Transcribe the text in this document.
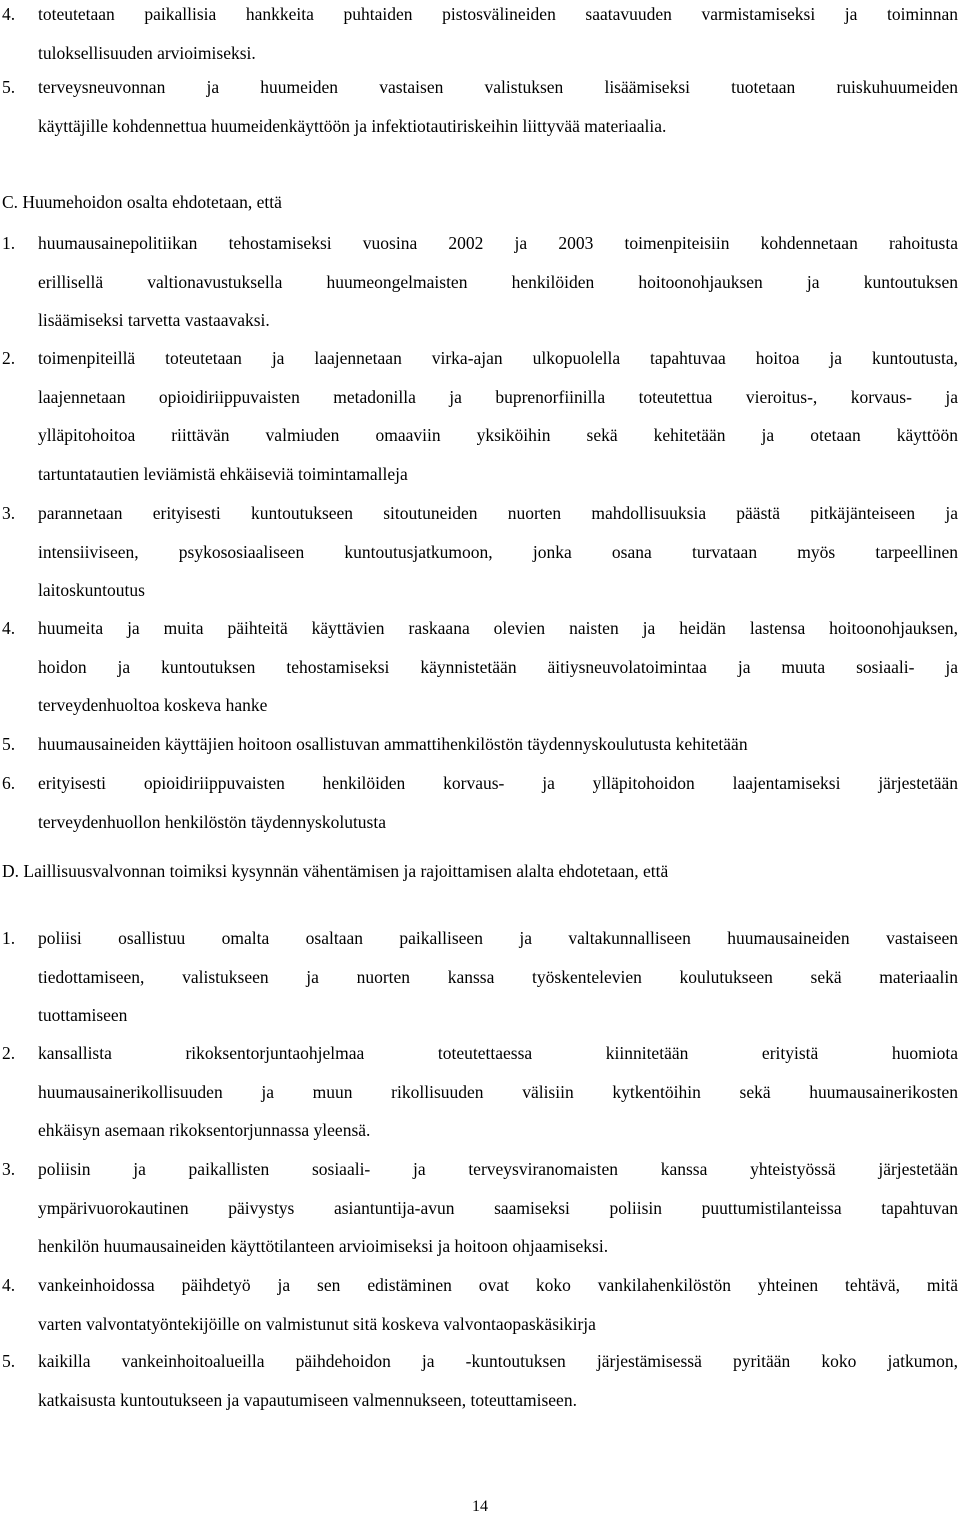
4.	toteutetaan paikallisia hankkeita puhtaiden pistosvälineiden saatavuuden varmistamiseksi ja toiminnan
tuloksellisuuden arvioimiseksi.
5.	terveysneuvonnan ja huumeiden vastaisen valistuksen lisäämiseksi tuotetaan ruiskuhuumeiden
käyttäjille kohdennettua huumeidenkäyttöön ja infektiotautiriskeihin liittyvää materiaalia.
C. Huumehoidon osalta ehdotetaan, että
1.	huumausainepolitiikan tehostamiseksi vuosina 2002 ja 2003 toimenpiteisiin kohdennetaan rahoitusta
erillisellä valtionavustuksella huumeongelmaisten henkilöiden hoitoonohjauksen ja kuntoutuksen
lisäämiseksi tarvetta vastaavaksi.
2.	toimenpiteillä toteutetaan ja laajennetaan virka-ajan ulkopuolella tapahtuvaa hoitoa ja kuntoutusta,
laajennetaan opioidiriippuvaisten metadonilla ja buprenorfiinilla toteutettua vieroitus-, korvaus- ja
ylläpitohoitoa riittävän valmiuden omaaviin yksiköihin sekä kehitetään ja otetaan käyttöön
tartuntatautien leviämistä ehkäiseviä toimintamalleja
3.	parannetaan erityisesti kuntoutukseen sitoutuneiden nuorten mahdollisuuksia päästä pitkäjänteiseen ja
intensiiviseen, psykososiaaliseen kuntoutusjatkumoon, jonka osana turvataan myös tarpeellinen
laitoskuntoutus
4.	huumeita ja muita päihteitä käyttävien raskaana olevien naisten ja heidän lastensa hoitoonohjauksen,
hoidon ja kuntoutuksen tehostamiseksi käynnistetään äitiysneuvolatoimintaa ja muuta sosiaali- ja
terveydenhuoltoa koskeva hanke
5.	huumausaineiden käyttäjien hoitoon osallistuvan ammattihenkilöstön täydennyskoulutusta kehitetään
6.	erityisesti opioidiriippuvaisten henkilöiden korvaus- ja ylläpitohoidon laajentamiseksi järjestetään
terveydenhuollon henkilöstön täydennyskolutusta
D. Laillisuusvalvonnan toimiksi kysynnän vähentämisen ja rajoittamisen alalta ehdotetaan, että
1.	poliisi osallistuu omalta osaltaan paikalliseen ja valtakunnalliseen huumausaineiden vastaiseen
tiedottamiseen, valistukseen ja nuorten kanssa työskentelevien koulutukseen sekä materiaalin
tuottamiseen
2.	kansallista rikoksentorjuntaohjelmaa toteutettaessa kiinnitetään erityistä huomiota
huumausainerikollisuuden ja muun rikollisuuden välisiin kytkentöihin sekä huumausainerikosten
ehkäisyn asemaan rikoksentorjunnassa yleensä.
3.	poliisin ja paikallisten sosiaali- ja terveysviranomaisten kanssa yhteistyössä järjestetään
ympärivuorokautinen päivystys asiantuntija-avun saamiseksi poliisin puuttumistilanteissa tapahtuvan
henkilön huumausaineiden käyttötilanteen arvioimiseksi ja hoitoon ohjaamiseksi.
4.	vankeinhoidossa päihdetyö ja sen edistäminen ovat koko vankilahenkilöstön yhteinen tehtävä, mitä
varten valvontatyöntekijöille on valmistunut sitä koskeva valvontaopaskäsikirja
5.	kaikilla vankeinhoitoalueilla päihdehoidon ja -kuntoutuksen järjestämisessä pyritään koko jatkumon,
katkaisusta kuntoutukseen ja vapautumiseen valmennukseen, toteuttamiseen.
14
